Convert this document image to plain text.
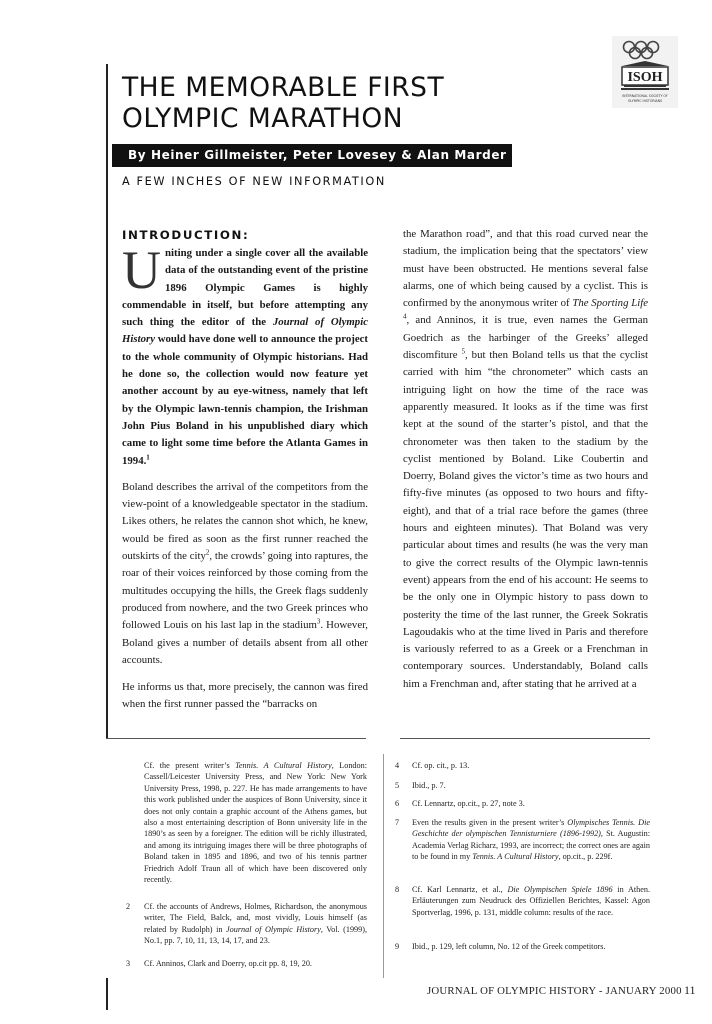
THE MEMORABLE FIRST
OLYMPIC MARATHON
ISOH
INTERNATIONAL SOCIETY OF
OLYMPIC HISTORIANS
By Heiner Gillmeister, Peter Lovesey & Alan Marder
A FEW INCHES OF NEW INFORMATION
INTRODUCTION:
Uniting under a single cover all the available data of the outstanding event of the pristine 1896 Olympic Games is highly commendable in itself, but before attempting any such thing the editor of the Journal of Olympic History would have done well to announce the project to the whole community of Olympic historians. Had he done so, the collection would now feature yet another account by au eye-witness, namely that left by the Olympic lawn-tennis champion, the Irishman John Pius Boland in his unpublished diary which came to light some time before the Atlanta Games in 1994.$^1$
Boland describes the arrival of the competitors from the view-point of a knowledgeable spectator in the stadium. Likes others, he relates the cannon shot which, he knew, would be fired as soon as the first runner reached the outskirts of the city$^2$, the crowds’ going into raptures, the roar of their voices reinforced by those coming from the multitudes occupying the hills, the Greek flags suddenly produced from nowhere, and the two Greek princes who followed Louis on his last lap in the stadium$^3$. However, Boland gives a number of details absent from all other accounts.
He informs us that, more precisely, the cannon was fired when the first runner passed the “barracks on
the Marathon road”, and that this road curved near the stadium, the implication being that the spectators’ view must have been obstructed. He mentions several false alarms, one of which being caused by a cyclist. This is confirmed by the anonymous writer of The Sporting Life $^4$, and Anninos, it is true, even names the German Goedrich as the harbinger of the Greeks’ alleged discomfiture $^5$, but then Boland tells us that the cyclist carried with him “the chronometer” which casts an intriguing light on how the time of the race was apparently measured. It looks as if the time was first kept at the sound of the starter’s pistol, and that the chronometer was then taken to the stadium by the cyclist mentioned by Boland. Like Coubertin and Doerry, Boland gives the victor’s time as two hours and fifty-five minutes (as opposed to two hours and fifty-eight), and that of a trial race before the games (three hours and eighteen minutes). That Boland was very particular about times and results (he was the very man to give the correct results of the Olympic lawn-tennis event) appears from the end of his account: He seems to be the only one in Olympic history to pass down to posterity the time of the last runner, the Greek Sokratis Lagoudakis who at the time lived in Paris and therefore is variously referred to as a Greek or a Frenchman in contemporary sources. Understandably, Boland calls him a Frenchman and, after stating that he arrived at a
Cf. the present writer’s Tennis. A Cultural History, London: Cassell/Leicester University Press, and New York: New York University Press, 1998, p. 227. He has made arrangements to have this work published under the auspices of Bonn University, since it does not only contain a graphic account of the Athens games, but also a most entertaining description of Bonn university life in the 1890’s as seen by a foreigner. The edition will be richly illustrated, and among its intriguing images there will be three photographs of Boland taken in 1895 and 1896, and two of his tennis partner Friedrich Adolf Traun all of which have been discovered only recently.
2	Cf. the accounts of Andrews, Holmes, Richardson, the anonymous writer, The Field, Balck, and, most vividly, Louis himself (as related by Rudolph) in Journal of Olympic History, Vol. (1999), No.1, pp. 7, 10, 11, 13, 14, 17, and 23.
3	Cf. Anninos, Clark and Doerry, op.cit pp. 8, 19, 20.
4	Cf. op. cit., p. 13.
5	Ibid., p. 7.
6	Cf. Lennartz, op.cit., p. 27, note 3.
7	Even the results given in the present writer’s Olympisches Tennis. Die Geschichte der olympischen Tennisturniere (1896-1992), St. Augustin: Academia Verlag Richarz, 1993, are incorrect; the correct ones are again to be found in my Tennis. A Cultural History, op.cit., p. 229f.
8	Cf. Karl Lennartz, et al., Die Olympischen Spiele 1896 in Athen. Erläuterungen zum Neudruck des Offiziellen Berichtes, Kassel: Agon Sportverlag, 1996, p. 131, middle column: results of the race.
9	Ibid., p. 129, left column, No. 12 of the Greek competitors.
JOURNAL OF OLYMPIC HISTORY - JANUARY 2000 11
